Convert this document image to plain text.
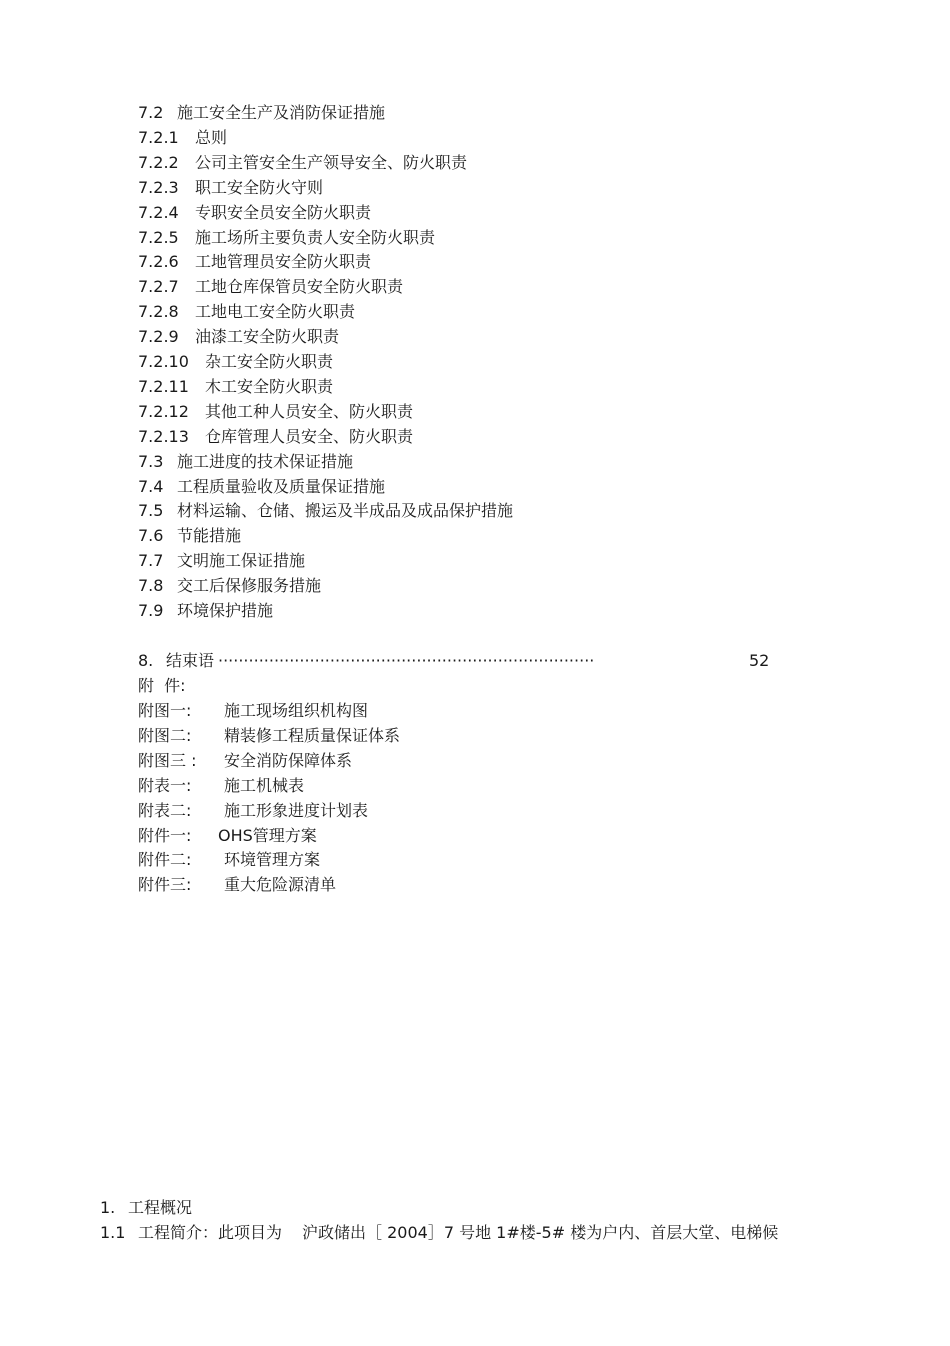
7.2 施工安全生产及消防保证措施
7.2.1 总则
7.2.2 公司主管安全生产领导安全、防火职责
7.2.3 职工安全防火守则
7.2.4 专职安全员安全防火职责
7.2.5 施工场所主要负责人安全防火职责
7.2.6 工地管理员安全防火职责
7.2.7 工地仓库保管员安全防火职责
7.2.8 工地电工安全防火职责
7.2.9 油漆工安全防火职责
7.2.10 杂工安全防火职责
7.2.11 木工安全防火职责
7.2.12 其他工种人员安全、防火职责
7.2.13 仓库管理人员安全、防火职责
7.3 施工进度的技术保证措施
7.4 工程质量验收及质量保证措施
7.5 材料运输、仓储、搬运及半成品及成品保护措施
7.6 节能措施
7.7 文明施工保证措施
7.8 交工后保修服务措施
7.9 环境保护措施
8. 结束语 ··········································································	52
附  件:
附图一: 施工现场组织机构图
附图二: 精装修工程质量保证体系
附图三 : 安全消防保障体系
附表一: 施工机械表
附表二: 施工形象进度计划表
附件一: OHS管理方案
附件二: 环境管理方案
附件三: 重大危险源清单
1. 工程概况
1.1 工程简介：此项目为 沪政储出［ 2004］7 号地 1#楼-5# 楼为户内、首层大堂、电梯候
